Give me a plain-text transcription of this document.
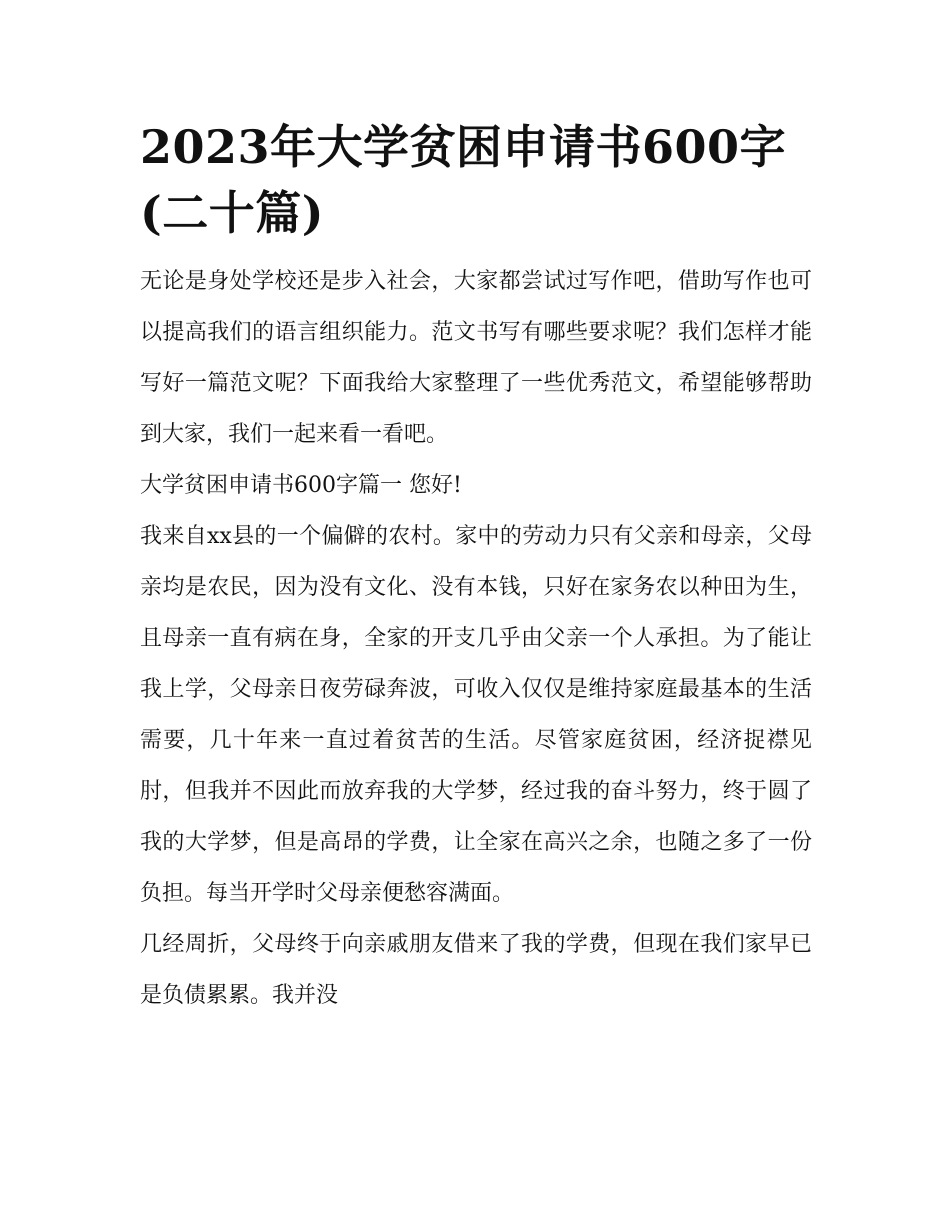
2023年大学贫困申请书600字
(二十篇)

无论是身处学校还是步入社会，大家都尝试过写作吧，借助写作也可以提高我们的语言组织能力。范文书写有哪些要求呢？我们怎样才能写好一篇范文呢？下面我给大家整理了一些优秀范文，希望能够帮助到大家，我们一起来看一看吧。

大学贫困申请书600字篇一 您好!

我来自xx县的一个偏僻的农村。家中的劳动力只有父亲和母亲，父母亲均是农民，因为没有文化、没有本钱，只好在家务农以种田为生，且母亲一直有病在身，全家的开支几乎由父亲一个人承担。为了能让我上学，父母亲日夜劳碌奔波，可收入仅仅是维持家庭最基本的生活需要，几十年来一直过着贫苦的生活。尽管家庭贫困，经济捉襟见肘，但我并不因此而放弃我的大学梦，经过我的奋斗努力，终于圆了我的大学梦，但是高昂的学费，让全家在高兴之余，也随之多了一份负担。每当开学时父母亲便愁容满面。

几经周折，父母终于向亲戚朋友借来了我的学费，但现在我们家早已是负债累累。我并没
